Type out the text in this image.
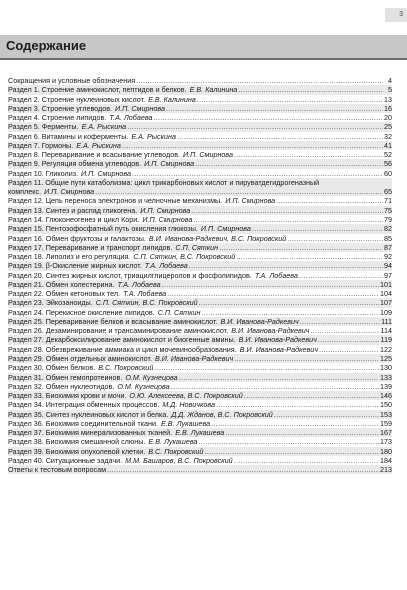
3
Содержание
Сокращения и условные обозначения .....	4
Раздел 1. Строение аминокислот, пептидов и белков. Е.В. Калинина .....	5
Раздел 2. Строение нуклеиновых кислот. Е.В. Калинина .....	13
Раздел 3. Строение углеводов. И.П. Смирнова .....	16
Раздел 4. Строение липидов. Т.А. Лобаева .....	20
Раздел 5. Ферменты. Е.А. Рыскина .....	25
Раздел 6. Витамины и коферменты. Е.А. Рыскина .....	32
Раздел 7. Гормоны. Е.А. Рыскина .....	41
Раздел 8. Переваривание и всасывание углеводов. И.П. Смирнова .....	52
Раздел 9. Регуляция обмена углеводов. И.П. Смирнова .....	56
Раздел 10. Гликолиз. И.П. Смирнова .....	60
Раздел 11. Общие пути катаболизма: цикл трикарбоновых кислот и пируватдегидрогеназный
комплекс. И.П. Смирнова .....	65
Раздел 12. Цепь переноса электронов и челночные механизмы. И.П. Смирнова .....	71
Раздел 13. Синтез и распад гликогена. И.П. Смирнова .....	75
Раздел 14. Глюконеогенез и цикл Кори. И.П. Смирнова .....	79
Раздел 15. Пентозофосфатный путь окисления глюкозы. И.П. Смирнова .....	82
Раздел 16. Обмен фруктозы и галактозы. В.И. Иванова-Радкевич, В.С. Покровский .....	85
Раздел 17. Переваривание и транспорт липидов. С.П. Сяткин .....	87
Раздел 18. Липолиз и его регуляция. С.П. Сяткин, В.С. Покровский .....	92
Раздел 19. β-Окисление жирных кислот. Т.А. Лобаева .....	94
Раздел 20. Синтез жирных кислот, триацилглицеролов и фосфолипидов. Т.А. Лобаева .....	97
Раздел 21. Обмен холестерина. Т.А. Лобаева .....	101
Раздел 22. Обмен кетоновых тел. Т.А. Лобаева .....	104
Раздел 23. Эйкозаноиды. С.П. Сяткин, В.С. Покровский .....	107
Раздел 24. Перекисное окисление липидов. С.П. Сяткин .....	109
Раздел 25. Переваривание белков и всасывание аминокислот. В.И. Иванова-Радкевич .....	111
Раздел 26. Дезаминирование и трансаминирование аминокислот. В.И. Иванова-Радкевич .....	114
Раздел 27. Декарбоксилирование аминокислот и биогенные амины. В.И. Иванова-Радкевич .....	119
Раздел 28. Обезвреживание аммиака и цикл мочевинообразования. В.И. Иванова-Радкевич .....	122
Раздел 29. Обмен отдельных аминокислот. В.И. Иванова-Радкевич .....	125
Раздел 30. Обмен белков. В.С. Покровский .....	130
Раздел 31. Обмен гемопротеинов. О.М. Кузнецова .....	133
Раздел 32. Обмен нуклеотидов. О.М. Кузнецова .....	139
Раздел 33. Биохимия крови и мочи. О.Ю. Алексеева, В.С. Покровский .....	146
Раздел 34. Интеграция обменных процессов. М.Д. Новичкова .....	150
Раздел 35. Синтез нуклеиновых кислот и белка. Д.Д. Жданов, В.С. Покровский .....	153
Раздел 36. Биохимия соединительной ткани. Е.В. Лукашева .....	159
Раздел 37. Биохимия минерализованных тканей. Е.В. Лукашева .....	167
Раздел 38. Биохимия смешанной слюны. Е.В. Лукашева .....	173
Раздел 39. Биохимия опухолевой клетки. В.С. Покровский .....	180
Раздел 40. Ситуационные задачи. М.М. Башаров, В.С. Покровский .....	184
Ответы к тестовым вопросам .....	213
